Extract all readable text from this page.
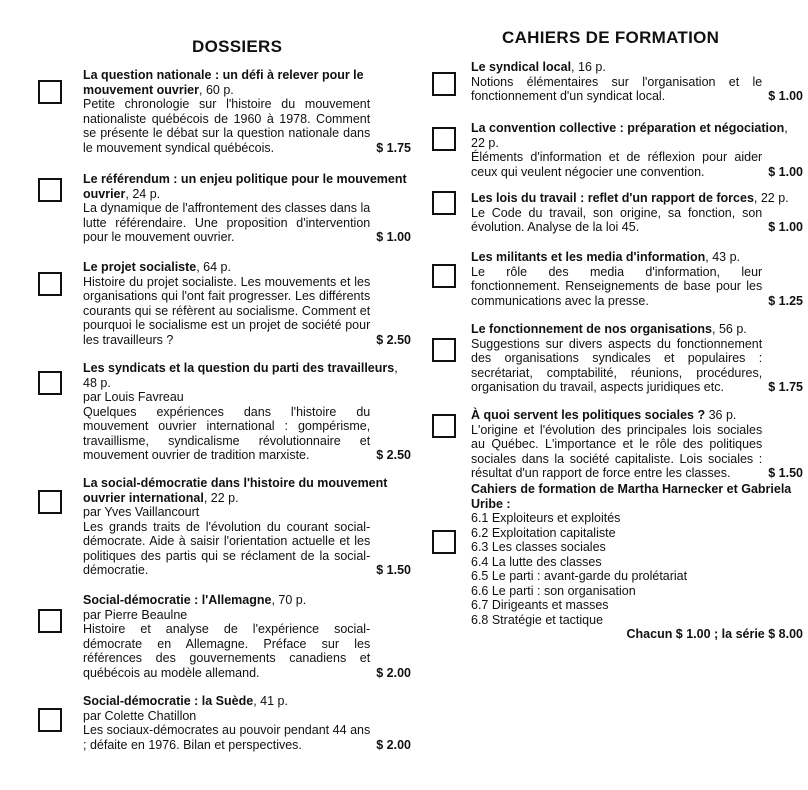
DOSSIERS
La question nationale : un défi à relever pour le mouvement ouvrier, 60 p.
Petite chronologie sur l'histoire du mouvement nationaliste québécois de 1960 à 1978. Comment se présente le débat sur la question nationale dans le mouvement syndical québécois.	$ 1.75
Le référendum : un enjeu politique pour le mouvement ouvrier, 24 p.
La dynamique de l'affrontement des classes dans la lutte référendaire. Une proposition d'intervention pour le mouvement ouvrier.	$ 1.00
Le projet socialiste, 64 p.
Histoire du projet socialiste. Les mouvements et les organisations qui l'ont fait progresser. Les différents courants qui se réfèrent au socialisme. Comment et pourquoi le socialisme est un projet de société pour les travailleurs ?	$ 2.50
Les syndicats et la question du parti des travailleurs, 48 p.
par Louis Favreau
Quelques expériences dans l'histoire du mouvement ouvrier international : gompérisme, travaillisme, syndicalisme révolutionnaire et mouvement ouvrier de tradition marxiste.	$ 2.50
La social-démocratie dans l'histoire du mouvement ouvrier international, 22 p.
par Yves Vaillancourt
Les grands traits de l'évolution du courant social-démocrate. Aide à saisir l'orientation actuelle et les politiques des partis qui se réclament de la social-démocratie.	$ 1.50
Social-démocratie : l'Allemagne, 70 p.
par Pierre Beaulne
Histoire et analyse de l'expérience social-démocrate en Allemagne. Préface sur les références des gouvernements canadiens et québécois au modèle allemand.	$ 2.00
Social-démocratie : la Suède, 41 p.
par Colette Chatillon
Les sociaux-démocrates au pouvoir pendant 44 ans ; défaite en 1976. Bilan et perspectives.	$ 2.00
CAHIERS DE FORMATION
Le syndical local, 16 p.
Notions élémentaires sur l'organisation et le fonctionnement d'un syndicat local.	$ 1.00
La convention collective : préparation et négociation, 22 p.
Éléments d'information et de réflexion pour aider ceux qui veulent négocier une convention.	$ 1.00
Les lois du travail : reflet d'un rapport de forces, 22 p.
Le Code du travail, son origine, sa fonction, son évolution. Analyse de la loi 45.	$ 1.00
Les militants et les media d'information, 43 p.
Le rôle des media d'information, leur fonctionnement. Renseignements de base pour les communications avec la presse.	$ 1.25
Le fonctionnement de nos organisations, 56 p.
Suggestions sur divers aspects du fonctionnement des organisations syndicales et populaires : secrétariat, comptabilité, réunions, procédures, organisation du travail, aspects juridiques etc.	$ 1.75
À quoi servent les politiques sociales ? 36 p.
L'origine et l'évolution des principales lois sociales au Québec. L'importance et le rôle des politiques sociales dans la société capitaliste. Lois sociales : résultat d'un rapport de force entre les classes.	$ 1.50
Cahiers de formation de Martha Harnecker et Gabriela Uribe :
6.1 Exploiteurs et exploités
6.2 Exploitation capitaliste
6.3 Les classes sociales
6.4 La lutte des classes
6.5 Le parti : avant-garde du prolétariat
6.6 Le parti : son organisation
6.7 Dirigeants et masses
6.8 Stratégie et tactique
Chacun $ 1.00 ; la série $ 8.00
